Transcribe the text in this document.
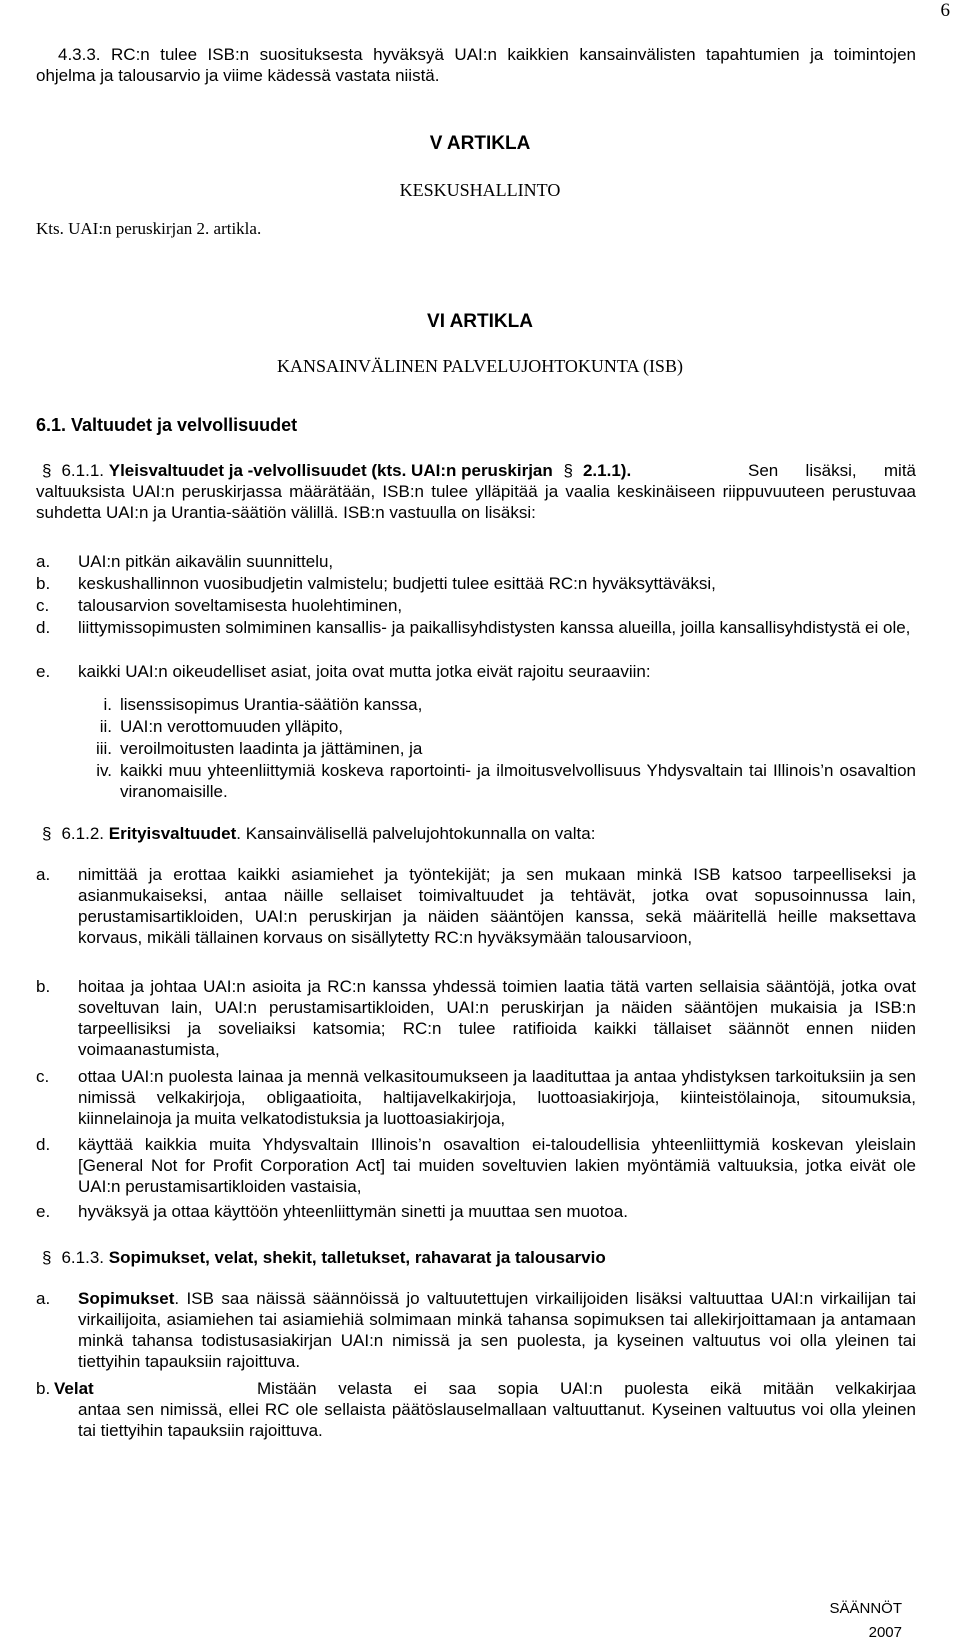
6
4.3.3. RC:n tulee ISB:n suosituksesta hyväksyä UAI:n kaikkien kansainvälisten tapahtumien ja toimintojen ohjelma ja talousarvio ja viime kädessä vastata niistä.
V ARTIKLA
KESKUSHALLINTO
Kts. UAI:n peruskirjan 2. artikla.
VI ARTIKLA
KANSAINVÄLINEN PALVELUJOHTOKUNTA (ISB)
6.1. Valtuudet ja velvollisuudet
§ 6.1.1. Yleisvaltuudet ja -velvollisuudet (kts. UAI:n peruskirjan § 2.1.1).	Sen lisäksi, mitä valtuuksista UAI:n peruskirjassa määrätään, ISB:n tulee ylläpitää ja vaalia keskinäiseen riippuvuuteen perustuvaa suhdetta UAI:n ja Urantia-säätiön välillä. ISB:n vastuulla on lisäksi:
a. UAI:n pitkän aikavälin suunnittelu,
b. keskushallinnon vuosibudjetin valmistelu; budjetti tulee esittää RC:n hyväksyttäväksi,
c. talousarvion soveltamisesta huolehtiminen,
d. liittymissopimusten solmiminen kansallis- ja paikallisyhdistysten kanssa alueilla, joilla kansallisyhdistystä ei ole,
e. kaikki UAI:n oikeudelliset asiat, joita ovat mutta jotka eivät rajoitu seuraaviin:
i. lisenssisopimus Urantia-säätiön kanssa,
ii. UAI:n verottomuuden ylläpito,
iii. veroilmoitusten laadinta ja jättäminen, ja
iv. kaikki muu yhteenliittymiä koskeva raportointi- ja ilmoitusvelvollisuus Yhdysvaltain tai Illinois’n osavaltion viranomaisille.
§ 6.1.2. Erityisvaltuudet. Kansainvälisellä palvelujohtokunnalla on valta:
a. nimittää ja erottaa kaikki asiamiehet ja työntekijät; ja sen mukaan minkä ISB katsoo tarpeelliseksi ja asianmukaiseksi, antaa näille sellaiset toimivaltuudet ja tehtävät, jotka ovat sopusoinnussa lain, perustamisartikloiden, UAI:n peruskirjan ja näiden sääntöjen kanssa, sekä määritellä heille maksettava korvaus, mikäli tällainen korvaus on sisällytetty RC:n hyväksymään talousarvioon,
b. hoitaa ja johtaa UAI:n asioita ja RC:n kanssa yhdessä toimien laatia tätä varten sellaisia sääntöjä, jotka ovat soveltuvan lain, UAI:n perustamisartikloiden, UAI:n peruskirjan ja näiden sääntöjen mukaisia ja ISB:n tarpeellisiksi ja soveliaiksi katsomia; RC:n tulee ratifioida kaikki tällaiset säännöt ennen niiden voimaanastumista,
c. ottaa UAI:n puolesta lainaa ja mennä velkasitoumukseen ja laadituttaa ja antaa yhdistyksen tarkoituksiin ja sen nimissä velkakirjoja, obligaatioita, haltijavelkakirjoja, luottoasiakirjoja, kiinteistölainoja, sitoumuksia, kiinnelainoja ja muita velkatodistuksia ja luottoasiakirjoja,
d. käyttää kaikkia muita Yhdysvaltain Illinois’n osavaltion ei-taloudellisia yhteenliittymiä koskevan yleislain [General Not for Profit Corporation Act] tai muiden soveltuvien lakien myöntämiä valtuuksia, jotka eivät ole UAI:n perustamisartikloiden vastaisia,
e. hyväksyä ja ottaa käyttöön yhteenliittymän sinetti ja muuttaa sen muotoa.
§ 6.1.3. Sopimukset, velat, shekit, talletukset, rahavarat ja talousarvio
a. Sopimukset. ISB saa näissä säännöissä jo valtuutettujen virkailijoiden lisäksi valtuuttaa UAI:n virkailijan tai virkailijoita, asiamiehen tai asiamiehiä solmimaan minkä tahansa sopimuksen tai allekirjoittamaan ja antamaan minkä tahansa todistusasiakirjan UAI:n nimissä ja sen puolesta, ja kyseinen valtuutus voi olla yleinen tai tiettyihin tapauksiin rajoittuva.
b. Velat	Mistään velasta ei saa sopia UAI:n puolesta eikä mitään velkakirjaa
antaa sen nimissä, ellei RC ole sellaista päätöslauselmallaan valtuuttanut. Kyseinen valtuutus voi olla yleinen tai tiettyihin tapauksiin rajoittuva.
SÄÄNNÖT
2007
